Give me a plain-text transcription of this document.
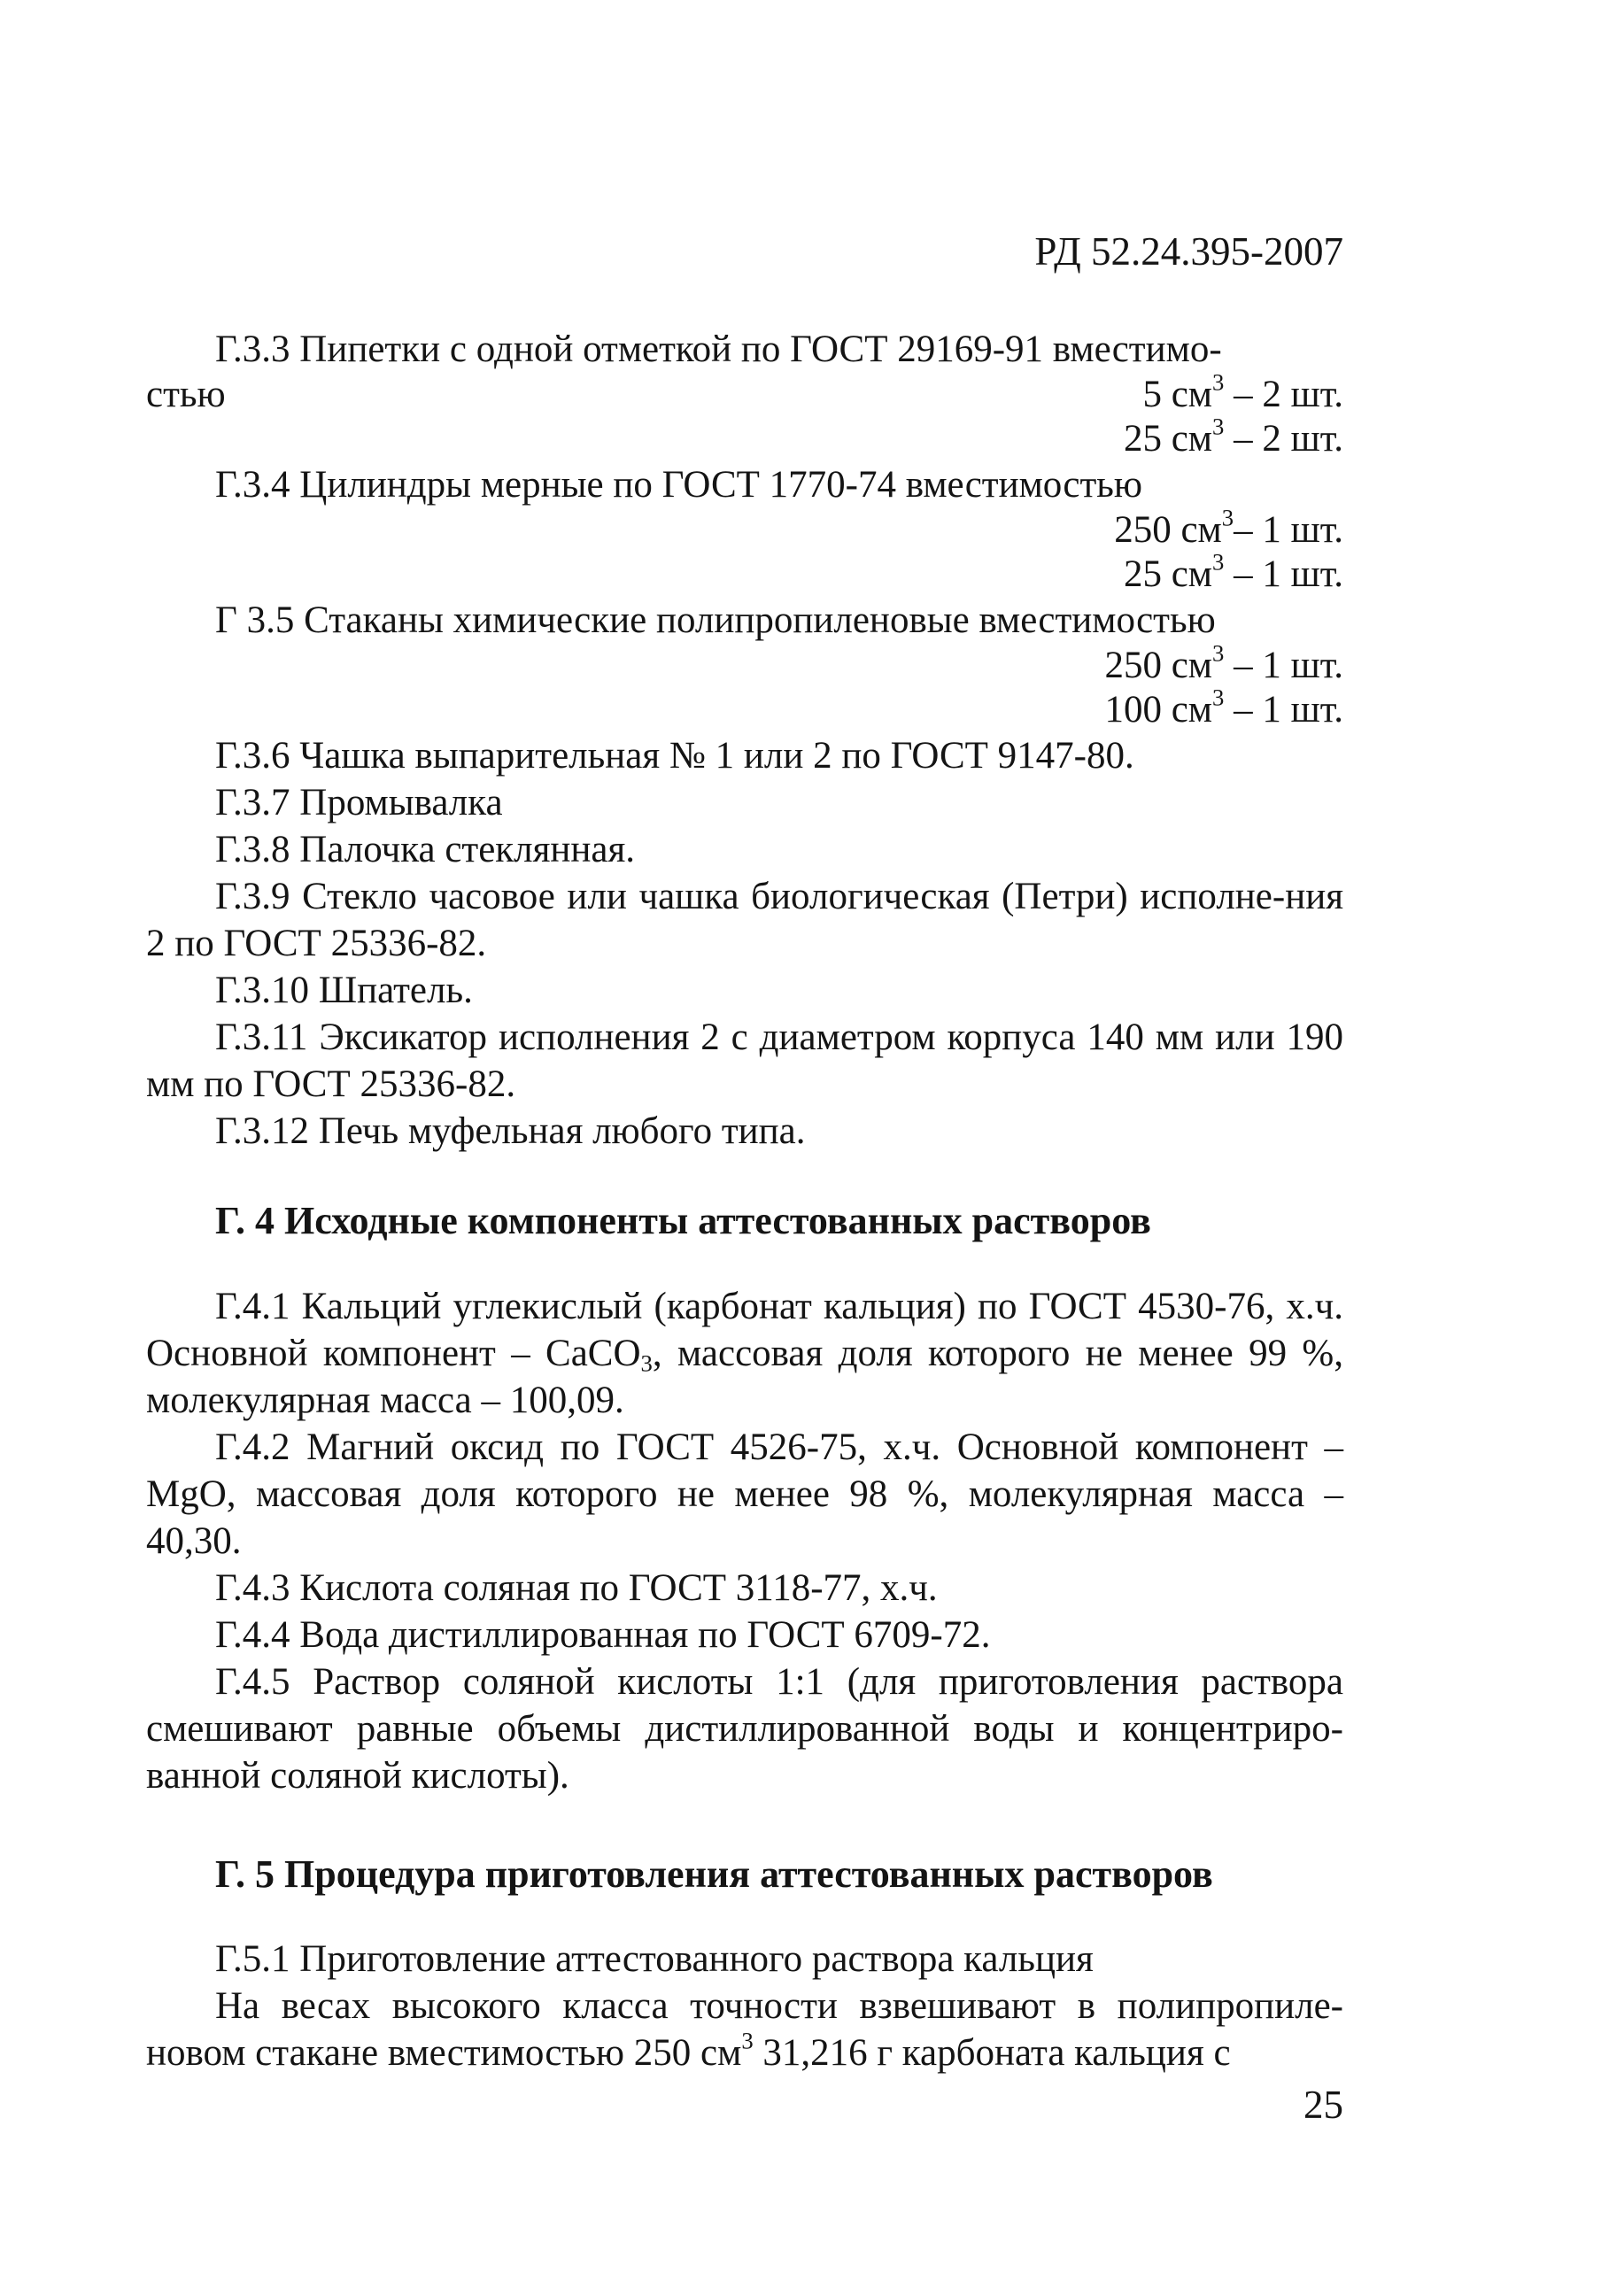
РД 52.24.395-2007
Г.3.3 Пипетки с одной отметкой по ГОСТ 29169-91 вместимо-
стью	5 $см^3 - 2$ шт.
25 $см^3 - 2$ шт.
Г.3.4 Цилиндры мерные по ГОСТ 1770-74 вместимостью
250 $см^3-$ 1 шт.
25 $см^3 - 1$ шт.
Г 3.5 Стаканы химические полипропиленовые вместимостью
250 $см^3 - 1$ шт.
100 $см^3 - 1$ шт.
Г.3.6 Чашка выпарительная № 1 или 2 по ГОСТ 9147-80.
Г.3.7 Промывалка
Г.3.8 Палочка стеклянная.
Г.3.9 Стекло часовое или чашка биологическая (Петри) исполне-ния 2 по ГОСТ 25336-82.
Г.3.10 Шпатель.
Г.3.11 Эксикатор исполнения 2 с диаметром корпуса 140 мм или 190 мм по ГОСТ 25336-82.
Г.3.12 Печь муфельная любого типа.
Г. 4 Исходные компоненты аттестованных растворов
Г.4.1 Кальций углекислый (карбонат кальция) по ГОСТ 4530-76, х.ч. Основной компонент – CaCO$_3$, массовая доля которого не менее 99 %, молекулярная масса – 100,09.
Г.4.2 Магний оксид по ГОСТ 4526-75, х.ч. Основной компонент – MgO, массовая доля которого не менее 98 %, молекулярная масса – 40,30.
Г.4.3 Кислота соляная по ГОСТ 3118-77, х.ч.
Г.4.4 Вода дистиллированная по ГОСТ 6709-72.
Г.4.5 Раствор соляной кислоты 1:1 (для приготовления раствора смешивают равные объемы дистиллированной воды и концентриро-ванной соляной кислоты).
Г. 5 Процедура приготовления аттестованных растворов
Г.5.1 Приготовление аттестованного раствора кальция
На весах высокого класса точности взвешивают в полипропиле-новом стакане вместимостью 250 $см^3$ 31,216 г карбоната кальция с
25
